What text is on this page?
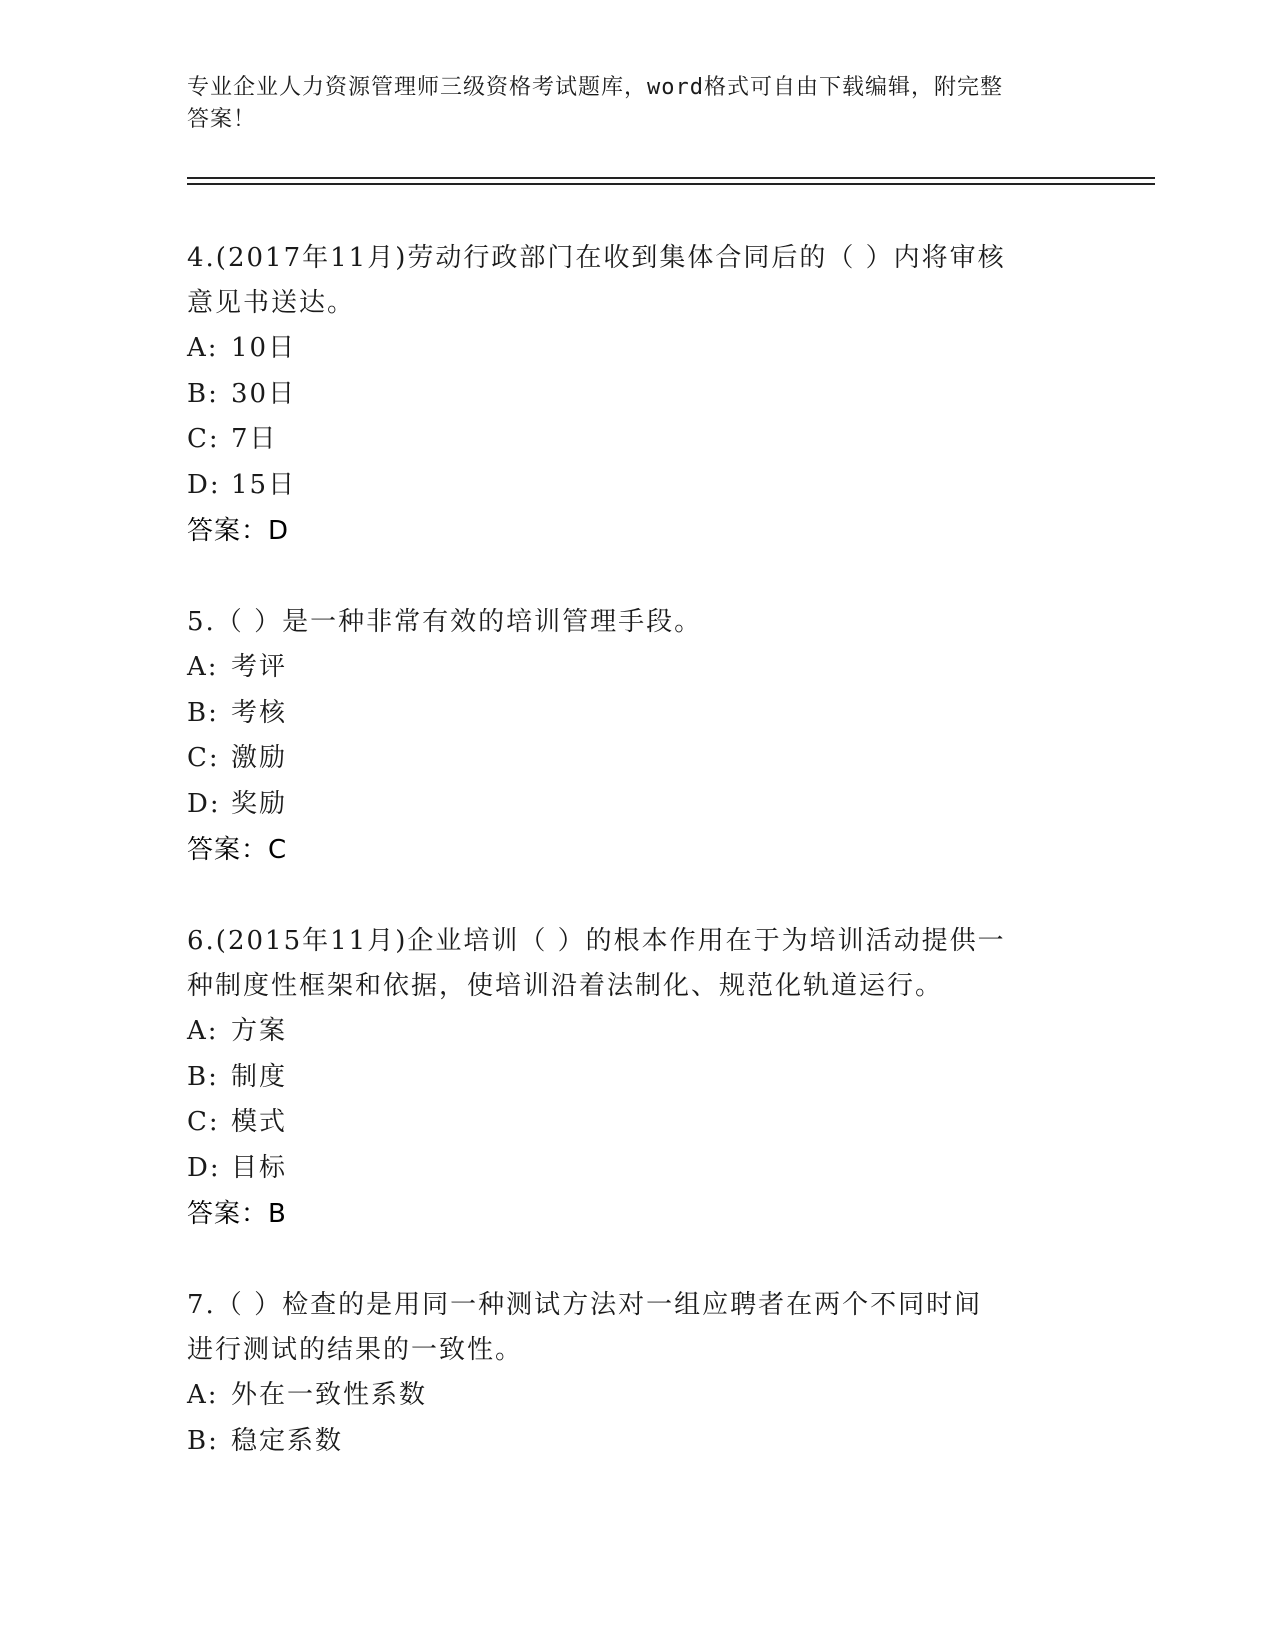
专业企业人力资源管理师三级资格考试题库，word格式可自由下载编辑，附完整
答案！

4.(2017年11月)劳动行政部门在收到集体合同后的（ ）内将审核
意见书送达。

A: 10日
B: 30日
C: 7日
D: 15日
答案：D

5.（ ）是一种非常有效的培训管理手段。

A: 考评
B: 考核
C: 激励
D: 奖励
答案：C

6.(2015年11月)企业培训（ ）的根本作用在于为培训活动提供一
种制度性框架和依据，使培训沿着法制化、规范化轨道运行。

A: 方案
B: 制度
C: 模式
D: 目标
答案：B

7.（ ）检查的是用同一种测试方法对一组应聘者在两个不同时间
进行测试的结果的一致性。

A: 外在一致性系数
B: 稳定系数
